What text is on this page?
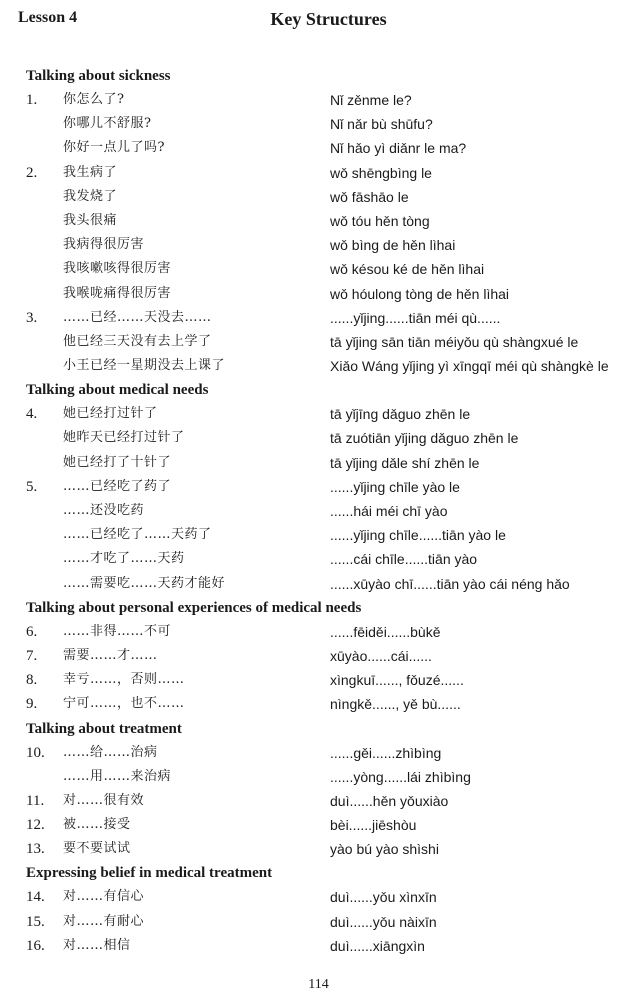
Lesson 4	Key Structures
Talking about sickness
1. 你怎么了?	Nǐ zěnme le?
你哪儿不舒服?	Nǐ nǎr bù shūfu?
你好一点儿了吗?	Nǐ hǎo yì diǎnr le ma?
2. 我生病了	wǒ shēngbìng le
我发烧了	wǒ fāshāo le
我头很痛	wǒ tóu hěn tòng
我病得很厉害	wǒ bìng de hěn lìhai
我咳嗽咳得很厉害	wǒ késou ké de hěn lìhai
我喉咙痛得很厉害	wǒ hóulong tòng de hěn lìhai
3. ……已经……天没去……	......yǐjing......tiān méi qù......
他已经三天没有去上学了	tā yǐjing sān tiān méiyǒu qù shàngxué le
小王已经一星期没去上课了	Xiǎo Wáng yǐjing yì xīngqī méi qù shàngkè le
Talking about medical needs
4. 她已经打过针了	tā yǐjīng dǎguo zhēn le
她昨天已经打过针了	tā zuótiān yǐjing dǎguo zhēn le
她已经打了十针了	tā yǐjing dǎle shí zhēn le
5. ……已经吃了药了	......yǐjing chīle yào le
……还没吃药	......hái méi chī yào
……已经吃了……天药了	......yǐjing chīle......tiān yào le
……才吃了……天药	......cái chīle......tiān yào
……需要吃……天药才能好	......xūyào chī......tiān yào cái néng hǎo
Talking about personal experiences of medical needs
6. ……非得……不可	......fēiděi......bùkě
7. 需要……才……	xūyào......cái......
8. 幸亏……，否则……	xìngkuī......, fǒuzé......
9. 宁可……，也不……	nìngkě......, yě bù......
Talking about treatment
10. ……给……治病	......gěi......zhìbìng
……用……来治病	......yòng......lái zhìbìng
11. 对……很有效	duì......hěn yǒuxiào
12. 被……接受	bèi......jiēshòu
13. 要不要试试	yào bú yào shìshi
Expressing belief in medical treatment
14. 对……有信心	duì......yǒu xìnxīn
15. 对……有耐心	duì......yǒu nàixīn
16. 对……相信	duì......xiāngxìn
114
